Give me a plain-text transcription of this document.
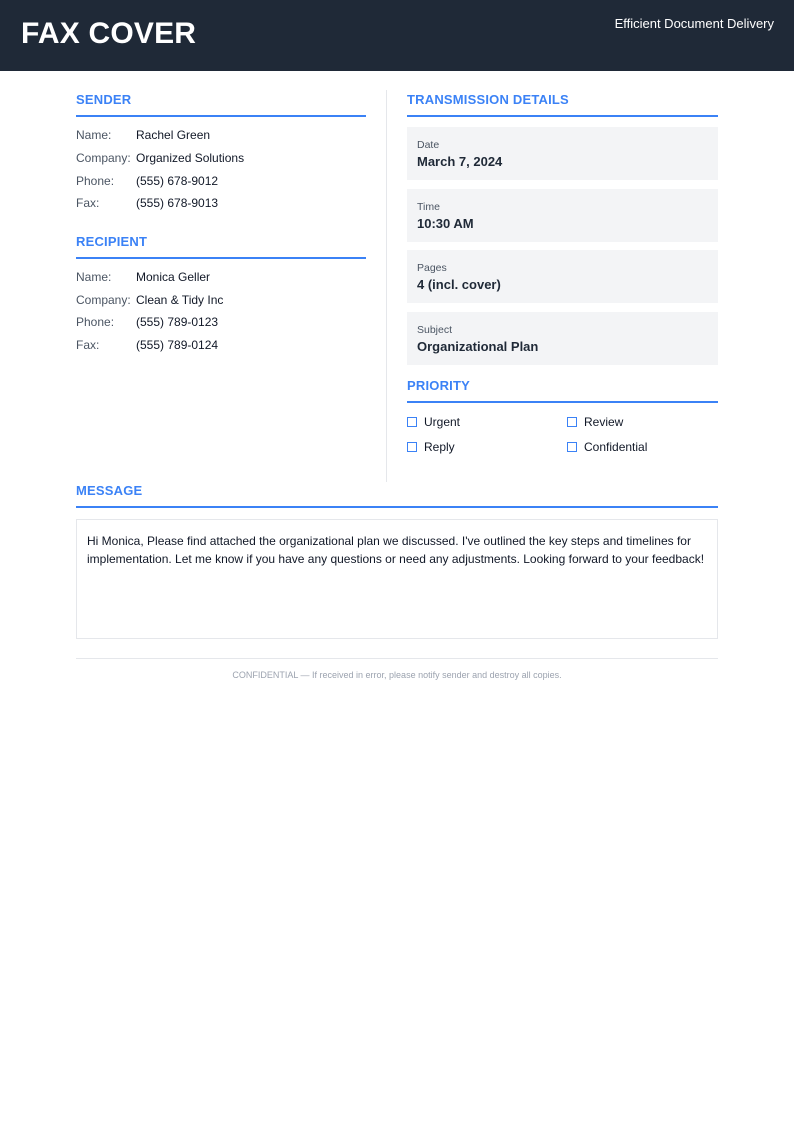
FAX COVER	Efficient Document Delivery
SENDER
Name:	Rachel Green
Company: Organized Solutions
Phone:	(555) 678-9012
Fax:	(555) 678-9013
RECIPIENT
Name:	Monica Geller
Company: Clean & Tidy Inc
Phone:	(555) 789-0123
Fax:	(555) 789-0124
TRANSMISSION DETAILS
Date
March 7, 2024
Time
10:30 AM
Pages
4 (incl. cover)
Subject
Organizational Plan
PRIORITY
Urgent	Review
Reply	Confidential
MESSAGE
Hi Monica, Please find attached the organizational plan we discussed. I've outlined the key steps and timelines for implementation. Let me know if you have any questions or need any adjustments. Looking forward to your feedback!
CONFIDENTIAL — If received in error, please notify sender and destroy all copies.
